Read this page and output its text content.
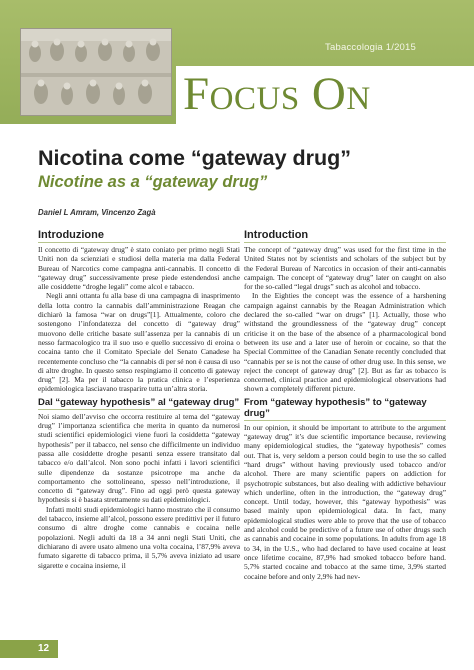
Tabaccologia 1/2015
Focus On
Nicotina come “gateway drug”
Nicotine as a “gateway drug”
Daniel L Amram, Vincenzo Zagà
Introduzione

Il concetto di “gateway drug” è stato coniato per primo negli Stati Uniti non da scienziati e studiosi della materia ma dalla Federal Bureau of Narcotics come campagna anti-cannabis. Il concetto di “gateway drug” successivamente prese piede estendendosi anche alle cosiddette “droghe legali” come alcol e tabacco.

Negli anni ottanta fu alla base di una campagna di inasprimento della lotta contro la cannabis dall’amministrazione Reagan che dichiarò la famosa “war on drugs”[1]. Attualmente, coloro che sostengono l’infondatezza del concetto di “gateway drug” muovono delle critiche basate sull’assenza per la cannabis di un nesso farmacologico tra il suo uso e quello successivo di eroina o cocaina tanto che il Comitato Speciale del Senato Canadese ha recentemente concluso che “la cannabis di per sé non è causa di uso di altre droghe. In questo senso respingiamo il concetto di gateway drug” [2]. Ma per il tabacco la pratica clinica e l’esperienza epidemiologica lasciavano trasparire tutta un’altra storia.

Dal “gateway hypothesis” al “gateway drug”

Noi siamo dell’avviso che occorra restituire al tema del “gateway drug” l’importanza scientifica che merita in quanto da numerosi studi scientifici epidemiologici viene fuori la cosiddetta “gateway hypothesis” per il tabacco, nel senso che difficilmente un individuo passa alle cosiddette droghe pesanti senza essere transitato dal tabacco e/o dall’alcol. Non sono pochi infatti i lavori scientifici sulle dipendenze da sostanze psicotrope ma anche da comportamento che sottolineano, spesso nell’introduzione, il concetto di “gateway drug”. Fino ad oggi però questa gateway hypothesis si è basata strettamente su dati epidemiologici.

Infatti molti studi epidemiologici hanno mostrato che il consumo del tabacco, insieme all’alcol, possono essere predittivi per il futuro consumo di altre droghe come cannabis e cocaina nelle popolazioni. Negli adulti da 18 a 34 anni negli Stati Uniti, che dichiarano di avere usato almeno una volta cocaina, l’87,9% aveva fumato sigarette di tabacco prima, il 5,7% aveva iniziato ad usare sigarette e cocaina insieme, il

Introduction

The concept of “gateway drug” was used for the first time in the United States not by scientists and scholars of the subject but by the Federal Bureau of Narcotics in occasion of their anti-cannabis campaign. The concept of “gateway drug” later on caught on also for the so-called “legal drugs” such as alcohol and tobacco.

In the Eighties the concept was the essence of a harshening campaign against cannabis by the Reagan Administration which declared the so-called “war on drugs” [1]. Actually, those who withstand the groundlessness of the “gateway drug” concept criticise it on the base of the absence of a pharmacological bond between its use and a later use of heroin or cocaine, so that the Special Committee of the Canadian Senate recently concluded that “cannabis per se is not the cause of other drug use. In this sense, we reject the concept of gateway drug” [2]. But as far as tobacco is concerned, clinical practice and epidemiological observations had shown a completely different picture.

From “gateway hypothesis” to “gateway drug”

In our opinion, it should be important to attribute to the argument “gateway drug” it’s due scientific importance because, reviewing many epidemiological studies, the “gateway hypothesis” comes out. That is, very seldom a person could begin to use the so called “hard drugs” without having previously used tobacco and/or alcohol. There are many scientific papers on addiction for psychotropic substances, but also dealing with addictive behaviour which underline, often in the introduction, the “gateway drug” concept. Until today, however, this “gateway hypothesis” was based mainly upon epidemiological data. In fact, many epidemiological studies were able to prove that the use of tobacco and alcohol could be predictive of a future use of other drugs such as cannabis and cocaine in some populations. In adults from age 18 to 34, in the U.S., who had declared to have used cocaine at least once lifetime cocaine, 87,9% had smoked tobacco before hand. 5,7% started cocaine and tobacco at the same time, 3,9% started cocaine before and only 2,9% had nev-

12
